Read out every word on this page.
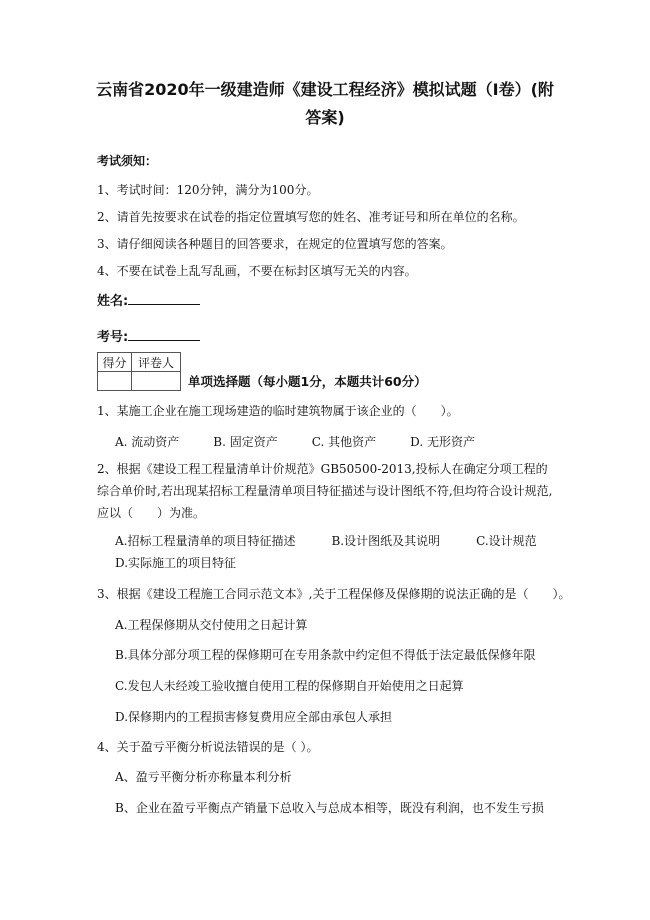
云南省2020年一级建造师《建设工程经济》模拟试题（I卷）(附答案)
考试须知：
1、考试时间：120分钟，满分为100分。
2、请首先按要求在试卷的指定位置填写您的姓名、准考证号和所在单位的名称。
3、请仔细阅读各种题目的回答要求，在规定的位置填写您的答案。
4、不要在试卷上乱写乱画，不要在标封区填写无关的内容。
姓名:
考号:
得分	评卷人

单项选择题（每小题1分，本题共计60分）
1、某施工企业在施工现场建造的临时建筑物属于该企业的（　　）。
A. 流动资产	B. 固定资产	C. 其他资产	D. 无形资产
2、根据《建设工程工程量清单计价规范》GB50500-2013,投标人在确定分项工程的综合单价时,若出现某招标工程量清单项目特征描述与设计图纸不符,但均符合设计规范,应以（　　）为准。
A.招标工程量清单的项目特征描述　　　B.设计图纸及其说明　　　C.设计规范　　　D.实际施工的项目特征
3、根据《建设工程施工合同示范文本》,关于工程保修及保修期的说法正确的是（　　）。
A.工程保修期从交付使用之日起计算
B.具体分部分项工程的保修期可在专用条款中约定但不得低于法定最低保修年限
C.发包人未经竣工验收擅自使用工程的保修期自开始使用之日起算
D.保修期内的工程损害修复费用应全部由承包人承担
4、关于盈亏平衡分析说法错误的是（ ）。
A、盈亏平衡分析亦称量本利分析
B、企业在盈亏平衡点产销量下总收入与总成本相等，既没有利润，也不发生亏损
